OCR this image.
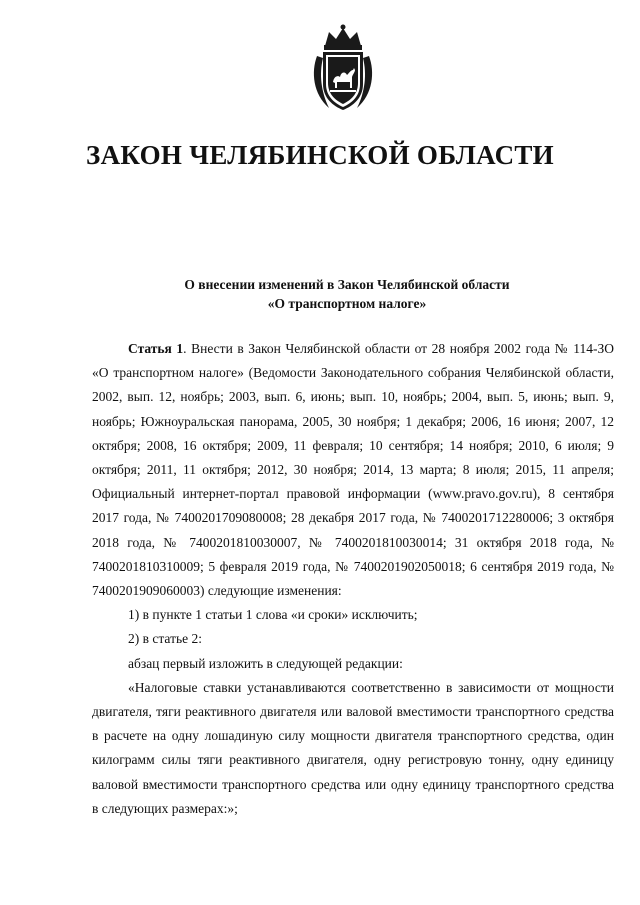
ЗАКОН ЧЕЛЯБИНСКОЙ ОБЛАСТИ
О внесении изменений в Закон Челябинской области
«О транспортном налоге»

Статья 1. Внести в Закон Челябинской области от 28 ноября 2002 года № 114-ЗО «О транспортном налоге» (Ведомости Законодательного собрания Челябинской области, 2002, вып. 12, ноябрь; 2003, вып. 6, июнь; вып. 10, ноябрь; 2004, вып. 5, июнь; вып. 9, ноябрь; Южноуральская панорама, 2005, 30 ноября; 1 декабря; 2006, 16 июня; 2007, 12 октября; 2008, 16 октября; 2009, 11 февраля; 10 сентября; 14 ноября; 2010, 6 июля; 9 октября; 2011, 11 октября; 2012, 30 ноября; 2014, 13 марта; 8 июля; 2015, 11 апреля; Официальный интернет-портал правовой информации (www.pravo.gov.ru), 8 сентября 2017 года, № 7400201709080008; 28 декабря 2017 года, № 7400201712280006; 3 октября 2018 года, № 7400201810030007, № 7400201810030014; 31 октября 2018 года, № 7400201810310009; 5 февраля 2019 года, № 7400201902050018; 6 сентября 2019 года, № 7400201909060003) следующие изменения:

1) в пункте 1 статьи 1 слова «и сроки» исключить;

2) в статье 2:

абзац первый изложить в следующей редакции:

«Налоговые ставки устанавливаются соответственно в зависимости от мощности двигателя, тяги реактивного двигателя или валовой вместимости транспортного средства в расчете на одну лошадиную силу мощности двигателя транспортного средства, один килограмм силы тяги реактивного двигателя, одну регистровую тонну, одну единицу валовой вместимости транспортного средства или одну единицу транспортного средства в следующих размерах:»;
